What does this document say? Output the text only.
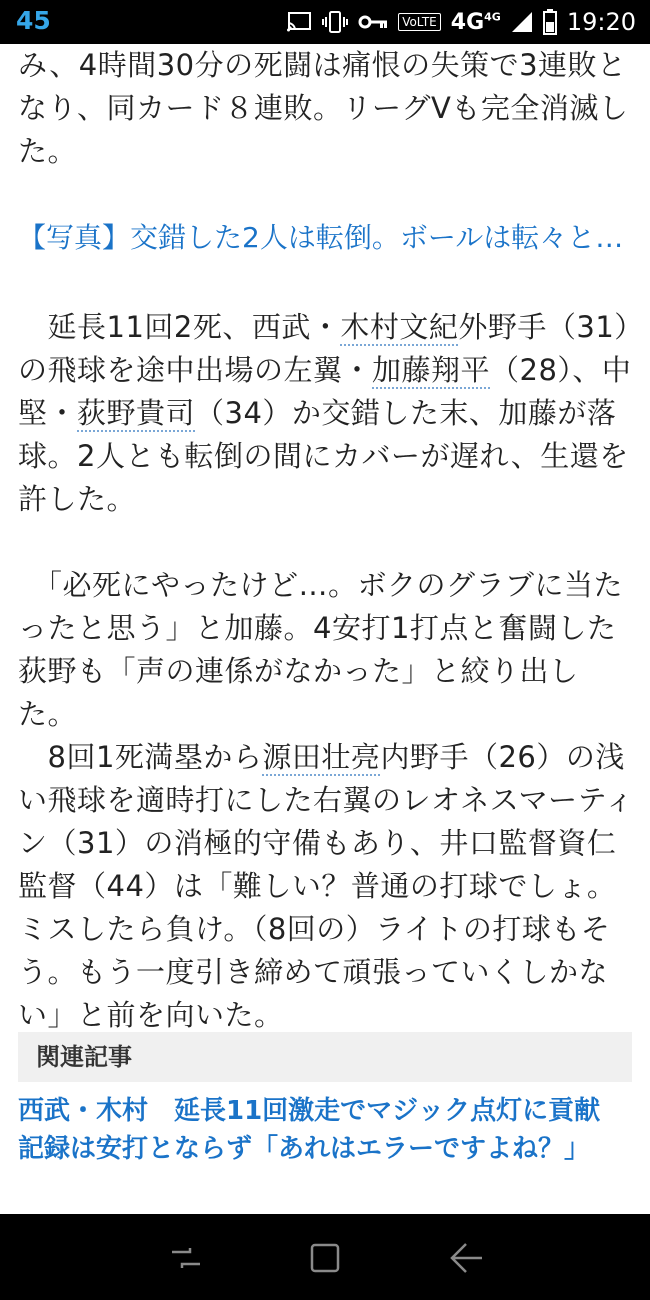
45	VoLTE $4G^{4G}$	19:20

み、4時間30分の死闘は痛恨の失策で3連敗となり、同カード８連敗。リーグVも完全消滅した。

【写真】交錯した2人は転倒。ボールは転々と…

　延長11回2死、西武・木村文紀外野手（31）の飛球を途中出場の左翼・加藤翔平（28）、中堅・荻野貴司（34）か交錯した末、加藤が落球。2人とも転倒の間にカバーが遅れ、生還を許した。

　「必死にやったけど…。ボクのグラブに当たったと思う」と加藤。4安打1打点と奮闘した荻野も「声の連係がなかった」と絞り出した。

　8回1死満塁から源田壮亮内野手（26）の浅い飛球を適時打にした右翼のレオネスマーティン（31）の消極的守備もあり、井口監督資仁監督（44）は「難しい？普通の打球でしょ。ミスしたら負け。（8回の）ライトの打球もそう。もう一度引き締めて頑張っていくしかない」と前を向いた。

関連記事
西武・木村　延長11回激走でマジック点灯に貢献　記録は安打とならず「あれはエラーですよね？」
